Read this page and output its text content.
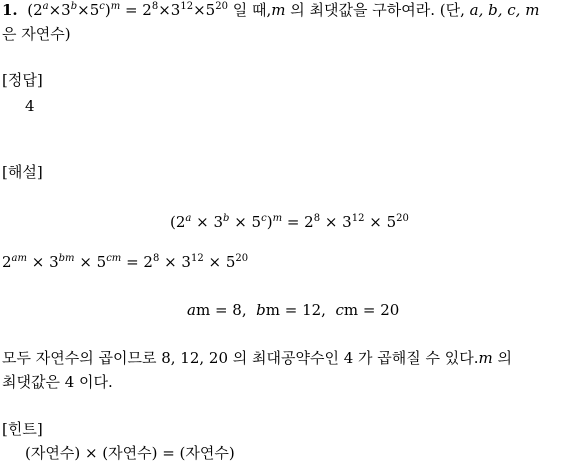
1.  $(2^a\times 3^b\times 5^c)^m = 2^8\times 3^{12}\times 5^{20}$ 일 때,m 의 최댓값을 구하여라. (단, a, b, c, m
은 자연수)
[정답]
4
[해설]
$(2^a \times 3^b \times 5^c)^m = 2^8 \times 3^{12} \times 5^{20}$
$2^{am} \times 3^{bm} \times 5^{cm} = 2^8 \times 3^{12} \times 5^{20}$
am = 8,  bm = 12,  cm = 20
모두 자연수의 곱이므로 8, 12, 20 의 최대공약수인 4 가 곱해질 수 있다.m 의
최댓값은 4 이다.
[힌트]
(자연수) × (자연수) = (자연수)
